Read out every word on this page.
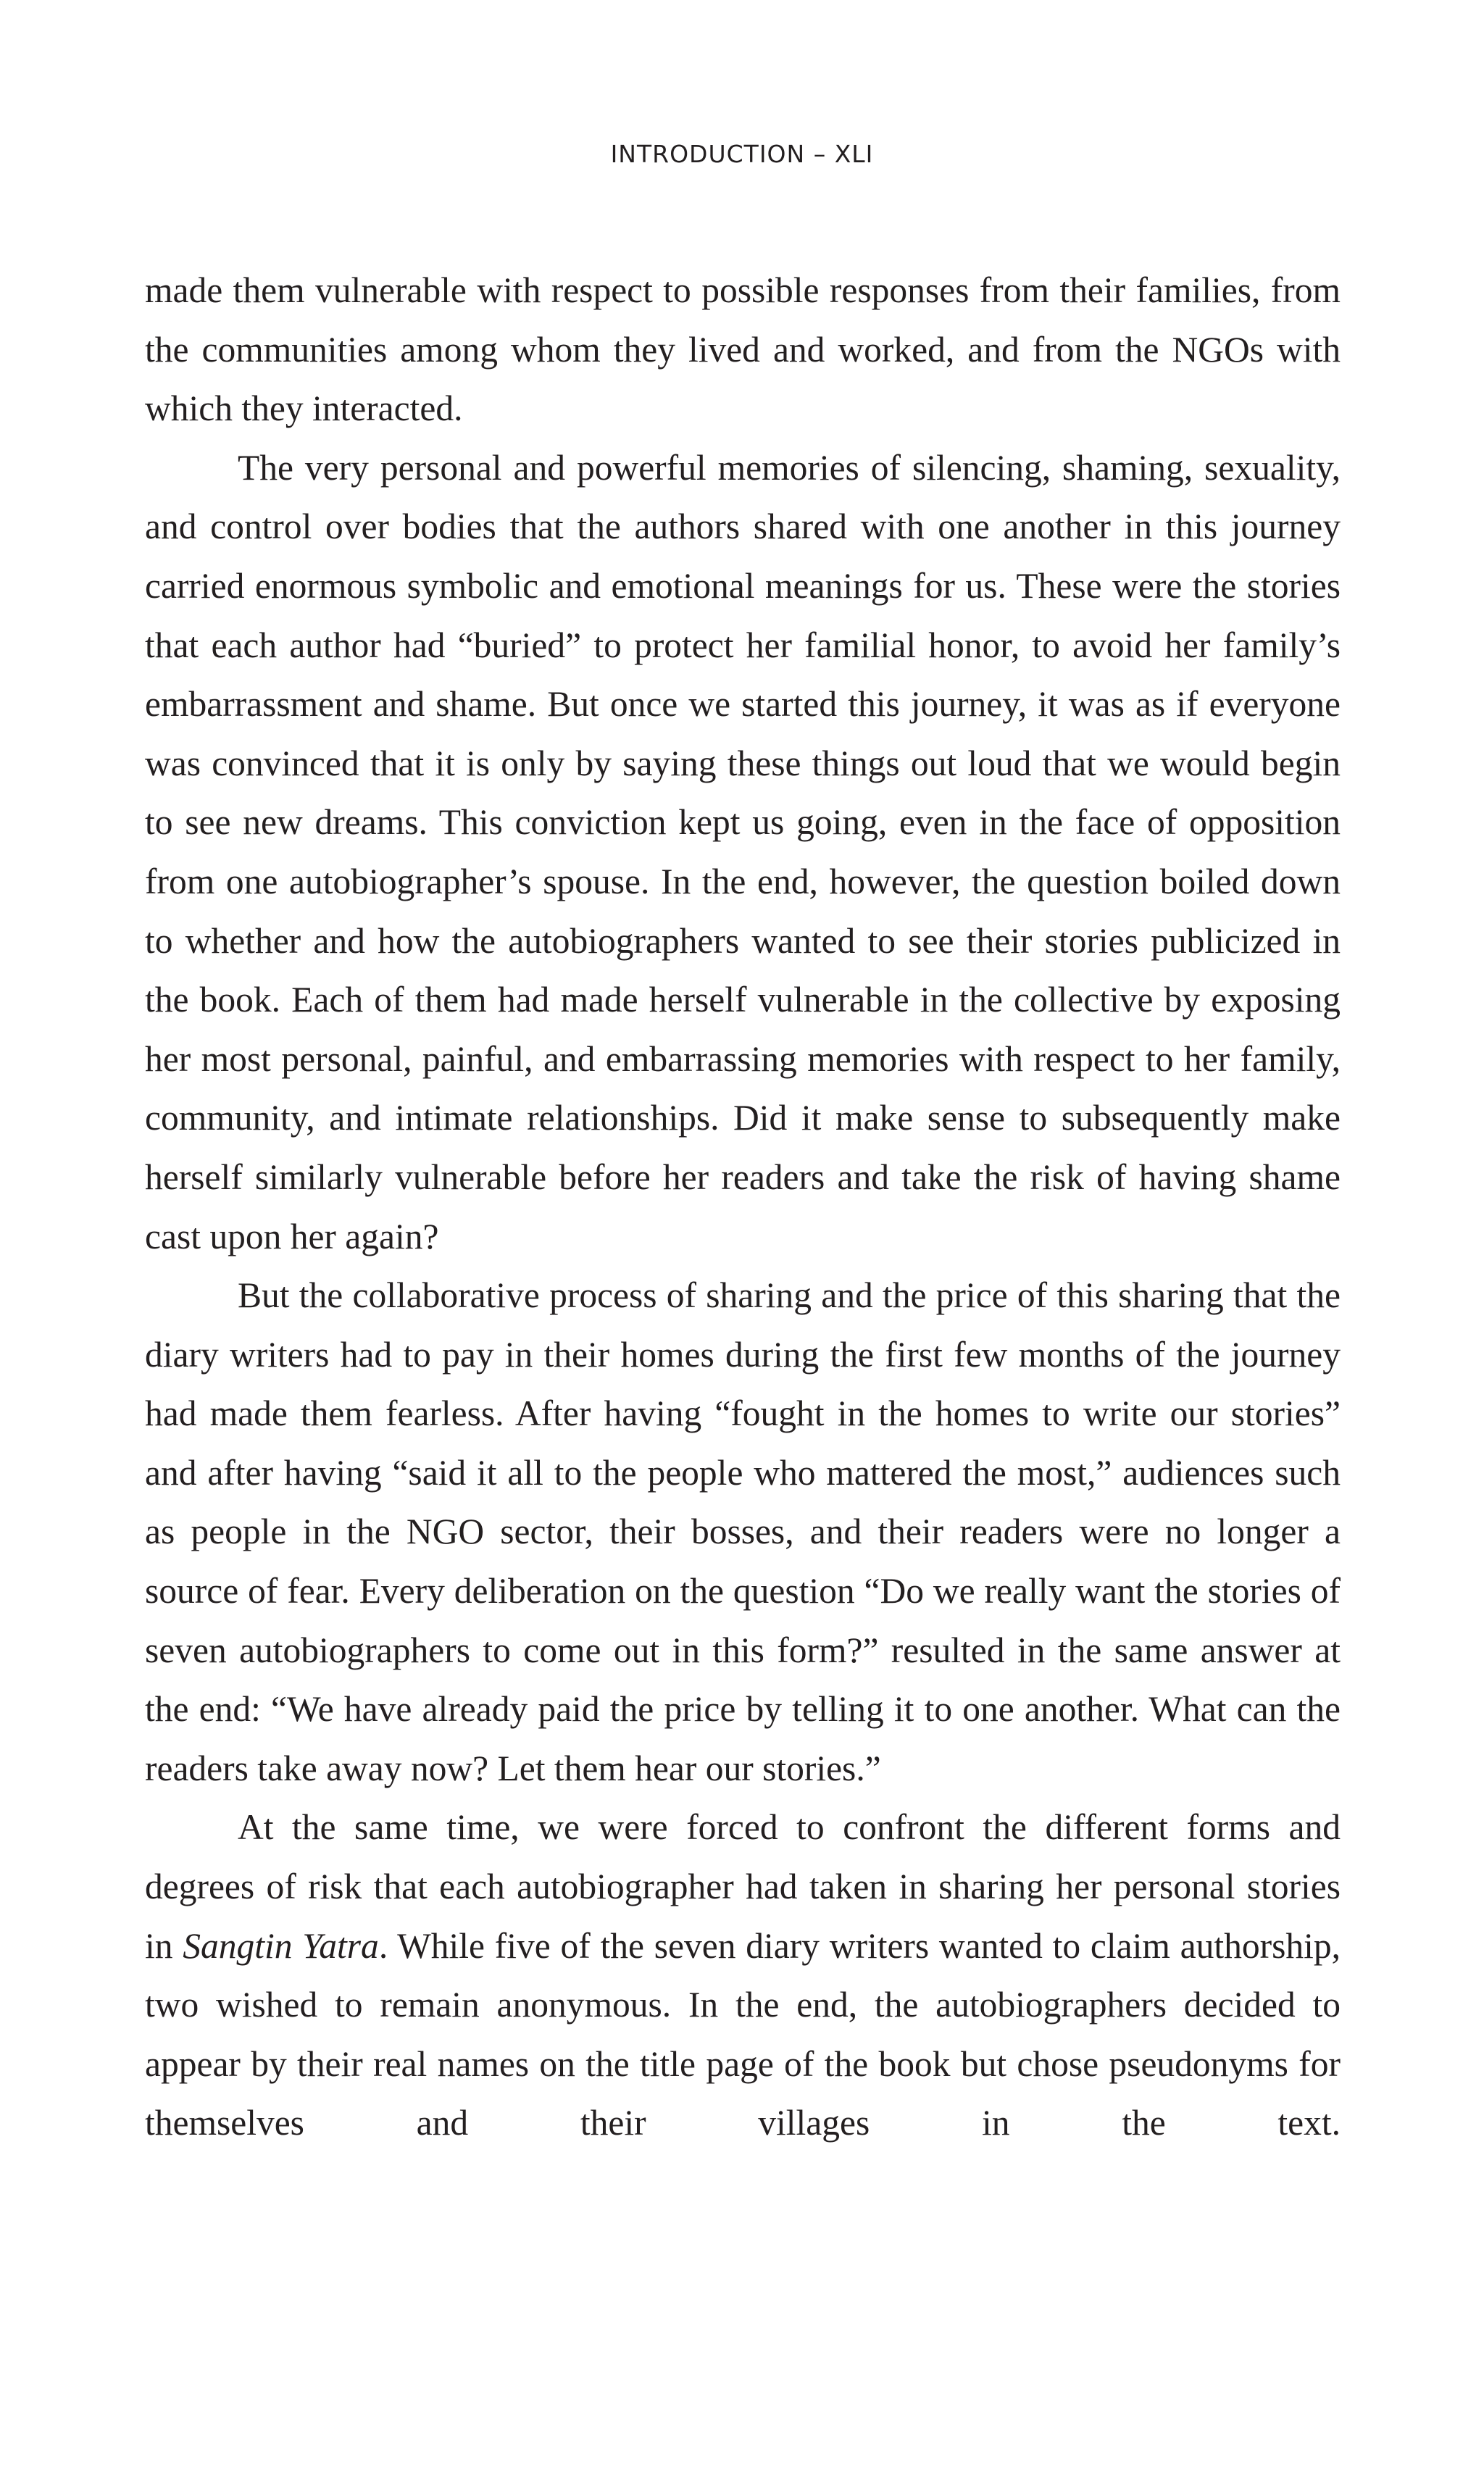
INTRODUCTION – XLI

made them vulnerable with respect to possible responses from their families, from the communities among whom they lived and worked, and from the NGOs with which they interacted.

The very personal and powerful memories of silencing, shaming, sexuality, and control over bodies that the authors shared with one another in this journey carried enormous symbolic and emotional meanings for us. These were the stories that each author had “buried” to protect her familial honor, to avoid her family’s embarrassment and shame. But once we started this journey, it was as if everyone was convinced that it is only by saying these things out loud that we would begin to see new dreams. This conviction kept us going, even in the face of opposition from one autobiographer’s spouse. In the end, however, the question boiled down to whether and how the autobiographers wanted to see their stories publicized in the book. Each of them had made herself vulnerable in the collective by exposing her most personal, painful, and embarrassing memories with respect to her family, community, and intimate relationships. Did it make sense to subsequently make herself similarly vulnerable before her readers and take the risk of having shame cast upon her again?

But the collaborative process of sharing and the price of this sharing that the diary writers had to pay in their homes during the first few months of the journey had made them fearless. After having “fought in the homes to write our stories” and after having “said it all to the people who mattered the most,” audiences such as people in the NGO sector, their bosses, and their readers were no longer a source of fear. Every deliberation on the question “Do we really want the stories of seven autobiographers to come out in this form?” resulted in the same answer at the end: “We have already paid the price by telling it to one another. What can the readers take away now? Let them hear our stories.”

At the same time, we were forced to confront the different forms and degrees of risk that each autobiographer had taken in sharing her personal stories in Sangtin Yatra. While five of the seven diary writers wanted to claim authorship, two wished to remain anonymous. In the end, the autobiographers decided to appear by their real names on the title page of the book but chose pseudonyms for themselves and their villages in the text.
